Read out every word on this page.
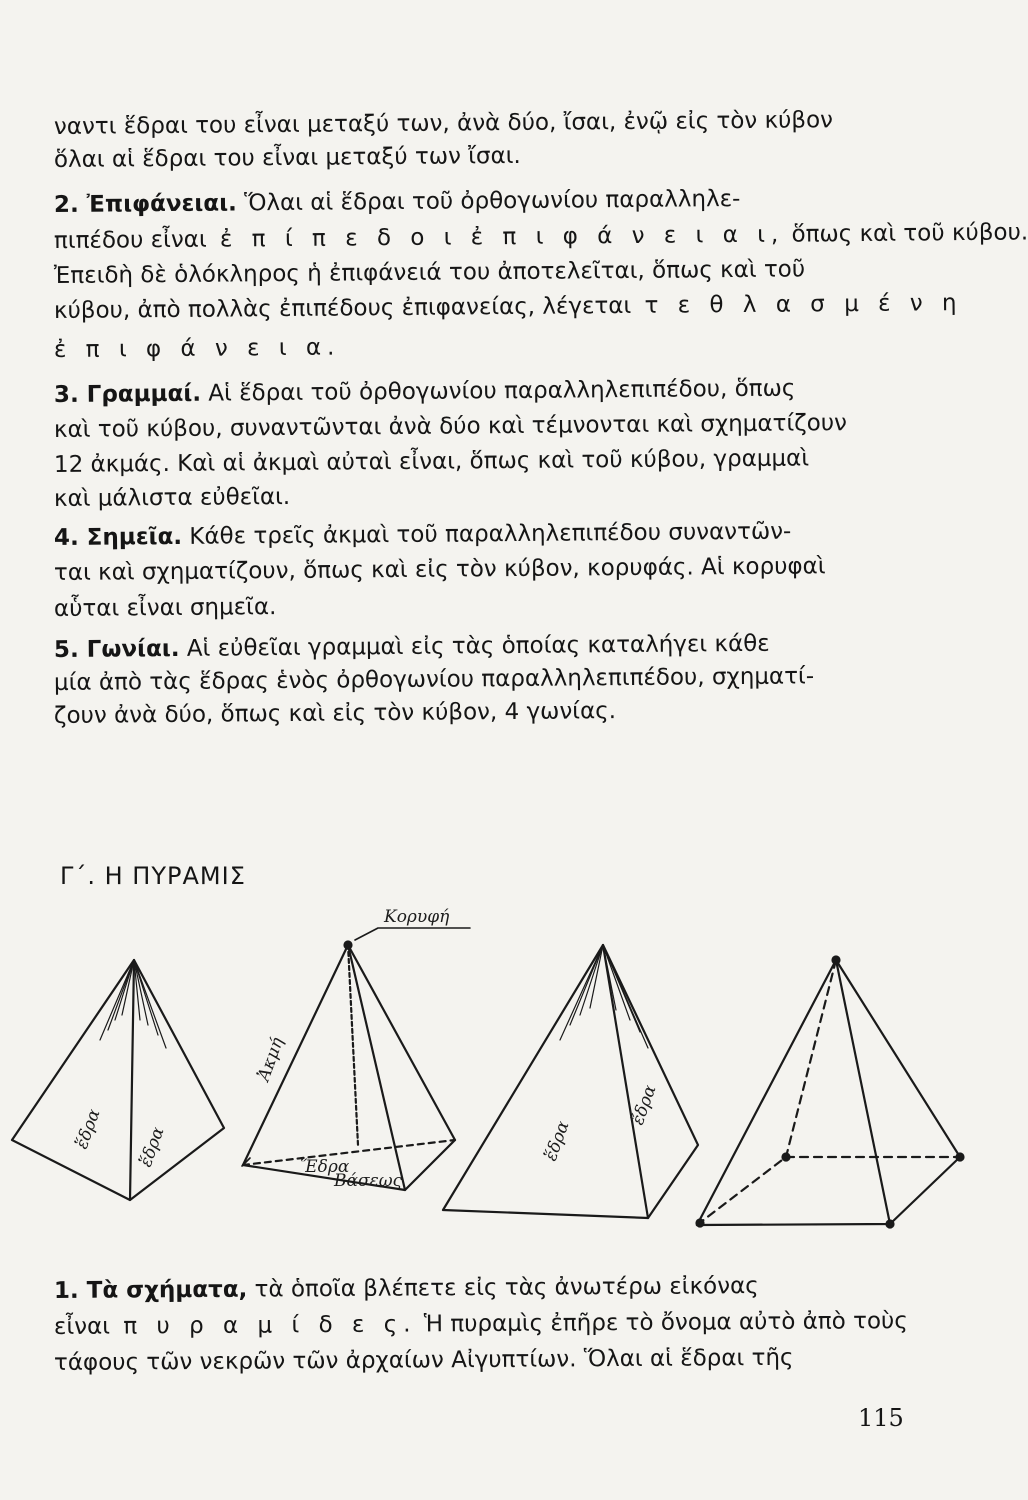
ναντι ἕδραι του εἶναι μεταξύ των, ἀνὰ δύο, ἴσαι, ἐνῷ εἰς τὸν κύβον
ὅλαι αἱ ἕδραι του εἶναι μεταξύ των ἴσαι.
2. Ἐπιφάνειαι. Ὅλαι αἱ ἕδραι τοῦ ὀρθογωνίου παραλληλε-
πιπέδου εἶναι ἐ π ί π ε δ ο ι ἐ π ι φ ά ν ε ι α ι, ὅπως καὶ τοῦ κύβου.
Ἐπειδὴ δὲ ὁλόκληρος ἡ ἐπιφάνειά του ἀποτελεῖται, ὅπως καὶ τοῦ
κύβου, ἀπὸ πολλὰς ἐπιπέδους ἐπιφανείας, λέγεται τ ε θ λ α σ μ έ ν η
ἐ π ι φ ά ν ε ι α.
3. Γραμμαί. Αἱ ἕδραι τοῦ ὀρθογωνίου παραλληλεπιπέδου, ὅπως
καὶ τοῦ κύβου, συναντῶνται ἀνὰ δύο καὶ τέμνονται καὶ σχηματίζουν
12 ἀκμάς. Καὶ αἱ ἀκμαὶ αὐταὶ εἶναι, ὅπως καὶ τοῦ κύβου, γραμμαὶ
καὶ μάλιστα εὐθεῖαι.
4. Σημεῖα. Κάθε τρεῖς ἀκμαὶ τοῦ παραλληλεπιπέδου συναντῶν-
ται καὶ σχηματίζουν, ὅπως καὶ εἰς τὸν κύβον, κορυφάς. Αἱ κορυφαὶ
αὗται εἶναι σημεῖα.
5. Γωνίαι. Αἱ εὐθεῖαι γραμμαὶ εἰς τὰς ὁποίας καταλήγει κάθε
μία ἀπὸ τὰς ἕδρας ἑνὸς ὀρθογωνίου παραλληλεπιπέδου, σχηματί-
ζουν ἀνὰ δύο, ὅπως καὶ εἰς τὸν κύβον, 4 γωνίας.
Γ΄. Η ΠΥΡΑΜΙΣ
Κορυφή
Ἀκμή
Ἕδρα
Βάσεως
ἕδρα ἕδρα	ἕδρα
ἕδρα
1. Τὰ σχήματα, τὰ ὁποῖα βλέπετε εἰς τὰς ἀνωτέρω εἰκόνας
εἶναι π υ ρ α μ ί δ ε ς. Ἡ πυραμὶς ἐπῆρε τὸ ὄνομα αὐτὸ ἀπὸ τοὺς
τάφους τῶν νεκρῶν τῶν ἀρχαίων Αἰγυπτίων. Ὅλαι αἱ ἕδραι τῆς
115
